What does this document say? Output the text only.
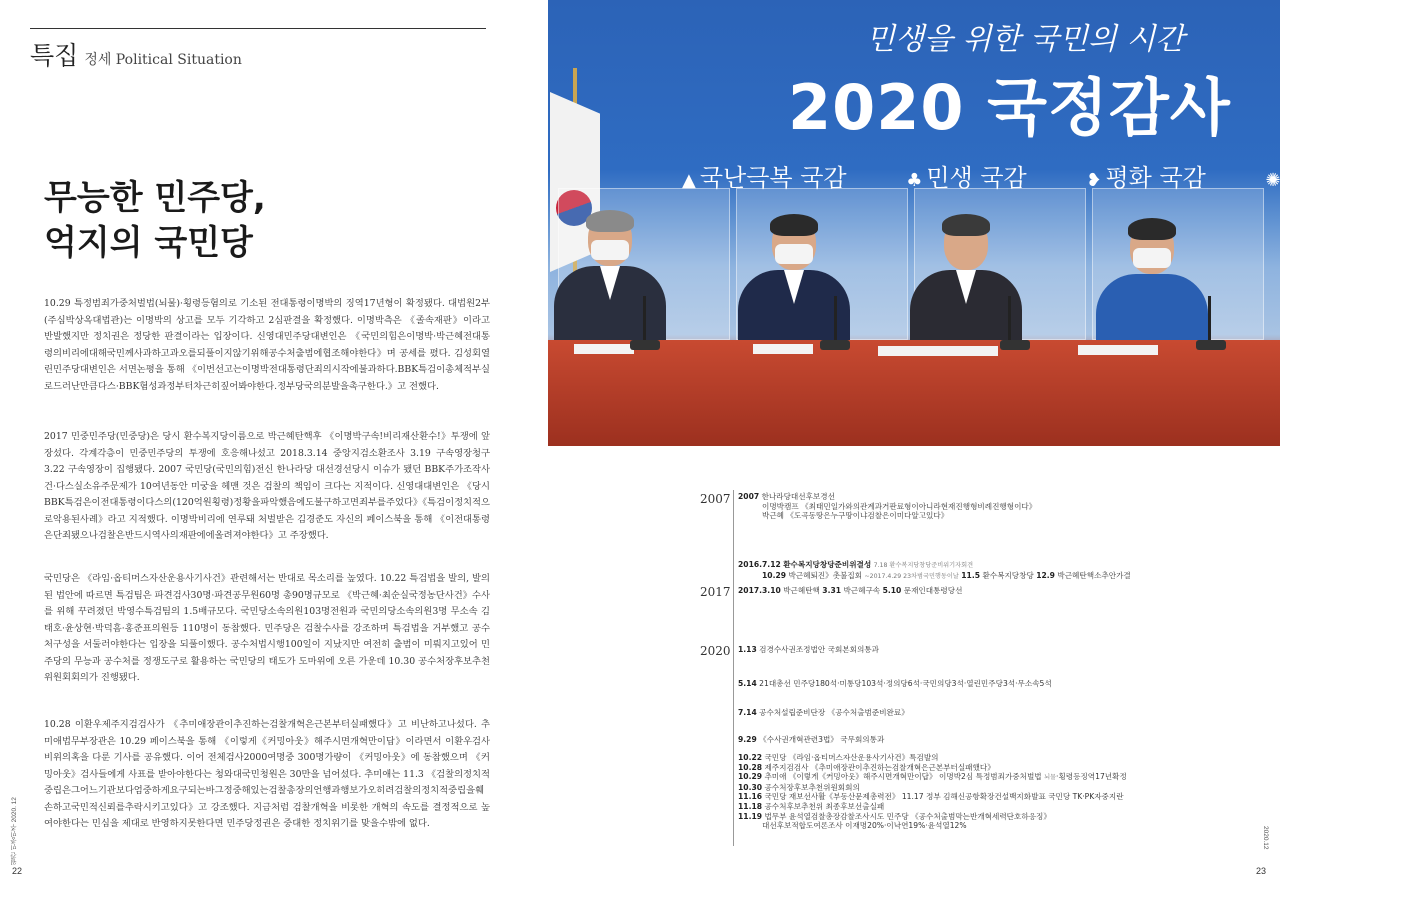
특집 정세 Political Situation
무능한 민주당,
억지의 국민당
10.29 특정범죄가중처벌법(뇌물)·횡령등혐의로 기소된 전대통령이명박의 징역17년형이 확정됐다. 대법원2부(주심박상옥대법관)는 이명박의 상고를 모두 기각하고 2심판결을 확정했다. 이명박측은 《졸속재판》이라고 반발했지만 정치권은 정당한 판결이라는 입장이다. 신영대민주당대변인은 《국민의힘은이명박·박근혜전대통령의비리에대해국민께사과하고과오를되풀이지않기위해공수처출범에협조해야한다》며 공세를 폈다. 김성회열린민주당대변인은 서면논평을 통해 《이번선고는이명박전대통령단죄의시작에불과하다.BBK특검이총체적부실로드러난만큼다스·BBK혐성과정부터차근히짚어봐야한다.정부당국의분발을촉구한다.》고 전했다.
2017 민중민주당(민중당)은 당시 환수복지당이름으로 박근혜탄핵후 《이명박구속!비리재산환수!》투쟁에 앞장섰다. 각계각층이 민중민주당의 투쟁에 호응해나섰고 2018.3.14 중앙지검소환조사 3.19 구속영장청구 3.22 구속영장이 집행됐다. 2007 국민당(국민의힘)전신 한나라당 대선경선당시 이슈가 됐던 BBK주가조작사건·다스실소유주문제가 10여년동안 미궁을 헤맨 것은 검찰의 책임이 크다는 지적이다. 신영대대변인은 《당시BBK특검은이전대통령이다스의(120억원횡령)정황을파악했음에도불구하고면죄부를주었다》《특검이정치적으로악용된사례》라고 지적했다. 이명박비리에 연루돼 처벌받은 김경준도 자신의 페이스북을 통해 《이전대통령은단죄됐으나검찰은반드시역사의재판에에올려져야한다》고 주장했다.
국민당은 《라임·옵티머스자산운용사기사건》관련해서는 반대로 목소리를 높였다. 10.22 특검법을 발의, 발의된 법안에 따르면 특검팀은 파견검사30명·파견공무원60명 총90명규모로 《박근혜·최순실국정농단사건》수사를 위해 꾸려졌던 박영수특검팀의 1.5배규모다. 국민당소속의원103명전원과 국민의당소속의원3명 무소속 김태호·윤상현·박덕흠·홍준표의원등 110명이 동참했다. 민주당은 검찰수사를 강조하며 특검법을 거부했고 공수처구성을 서둘러야한다는 입장을 되풀이했다. 공수처법시행100일이 지났지만 여전히 출범이 미뤄지고있어 민주당의 무능과 공수처를 정쟁도구로 활용하는 국민당의 태도가 도마위에 오른 가운데 10.30 공수처장후보추천위원회회의가 진행됐다.
10.28 이환우제주지검검사가 《추미애장관이추진하는검찰개혁은근본부터실패했다》고 비난하고나섰다. 추미애법무부장관은 10.29 페이스북을 통해 《이렇게《커밍아웃》해주시면개혁만이답》이라면서 이환우검사비위의혹을 다룬 기사를 공유했다. 이어 전체검사2000여명중 300명가량이 《커밍아웃》에 동참했으며 《커밍아웃》검사들에게 사표를 받아야한다는 청와대국민청원은 30만을 넘어섰다. 추미애는 11.3 《검찰의정치적중립은그어느기관보다엄중하게요구되는바그정중해있는검찰총장의언행과행보가오히려검찰의정치적중립을훼손하고국민적신뢰를추락시키고있다》고 강조했다. 지금처럼 검찰개혁을 비롯한 개혁의 속도를 결정적으로 높여야한다는 민심을 제대로 반영하지못한다면 민주당정권은 중대한 정치위기를 맞을수밖에 없다.
월간 민중민주 2020. 12
22
민생을 위한 국민의 시간
2020 국정감사
▲ 국난극복 국감	♣ 민생 국감	❥ 평화 국감	✺ 미래전
2007
2017
2020
2007 한나라당대선후보경선
이명박캠프 《최태민일가와의관계과거판료형이아니라현재진행형비례진행형이다》
박근혜 《도곡동땅은누구땅이냐검찰은이미다알고있다》
2016.7.12 환수복지당창당준비위결성 7.18 환수복지당창당준비위기자회견
10.29 박근혜퇴진》촛불집회 ~2017.4.29 23차범국민행동이날 11.5 환수복지당창당 12.9 박근혜탄핵소추안가결
2017.3.10 박근혜탄핵 3.31 박근혜구속 5.10 문재인대통령당선
1.13 검경수사권조정법안 국회본회의통과
5.14 21대총선 민주당180석·미통당103석·정의당6석·국민의당3석·열린민주당3석·무소속5석
7.14 공수처설립준비단장 《공수처출범준비완료》
9.29 《수사권개혁관련3법》 국무회의통과
10.22 국민당 《라임·옵티머스자산운용사기사건》특검발의
10.28 제주지검검사 《추미애장관이추진하는검찰개혁은근본부터실패했다》
10.29 추미애 《이렇게《커밍아웃》해주시면개혁만이답》 이명박2심 특정범죄가중처벌법 뇌물·횡령등징역17년확정
10.30 공수처장후보추천위원회회의
11.16 국민당 재보선사활《부동산문제총력전》 11.17 정부 김해신공항확장건설백지화발표 국민당 TK·PK자중지란
11.18 공수처후보추천위 최종후보선출실패
11.19 법무부 윤석열검찰총장감찰조사시도 민주당 《공수처출범막는반개혁세력단호하응징》
대선후보적합도여론조사 이재명20%·이낙연19%·윤석열12%
2020.12
23
